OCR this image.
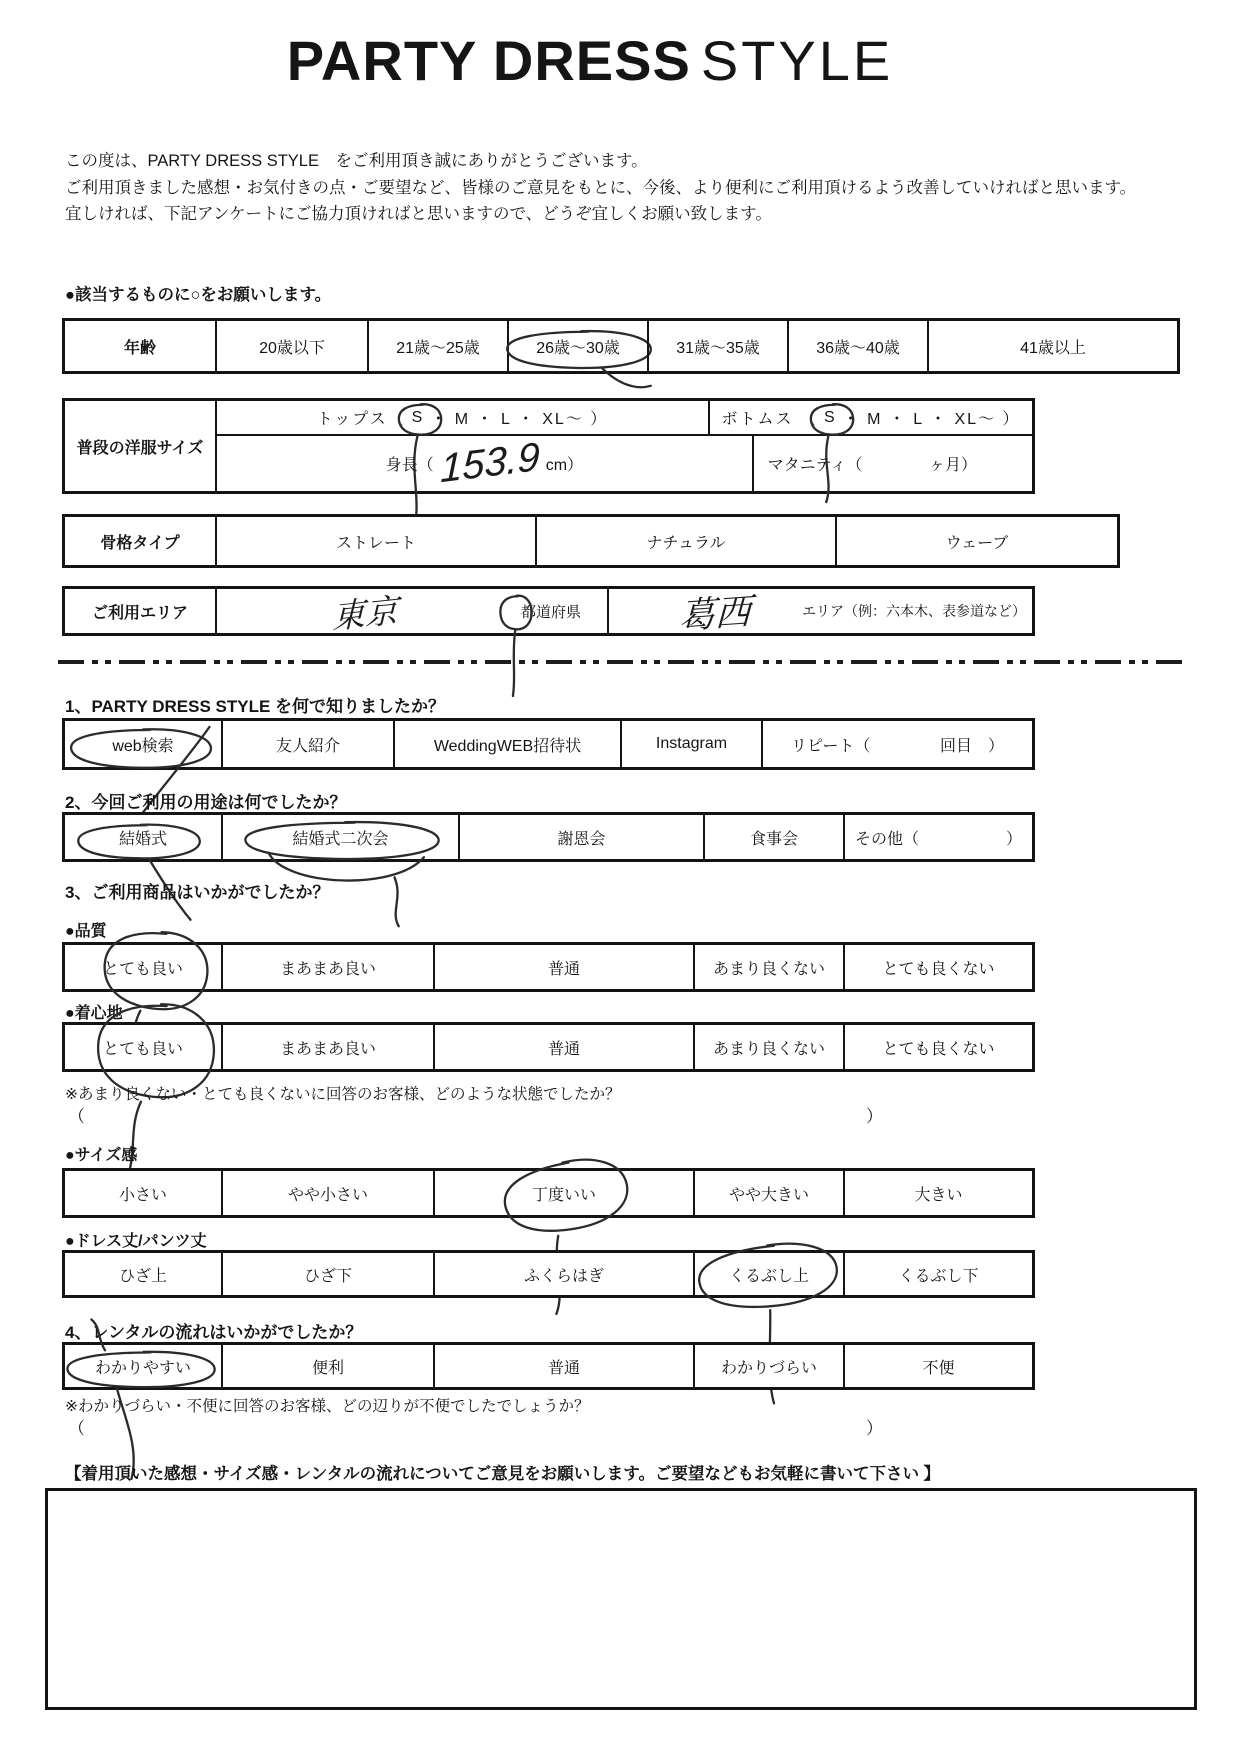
PARTY DRESS STYLE
この度は、PARTY DRESS STYLE　をご利用頂き誠にありがとうございます。
ご利用頂きました感想・お気付きの点・ご要望など、皆様のご意見をもとに、今後、より便利にご利用頂けるよう改善していければと思います。
宜しければ、下記アンケートにご協力頂ければと思いますので、どうぞ宜しくお願い致します。
●該当するものに○をお願いします。
年齢	20歳以下	21歳～25歳	26歳～30歳	31歳～35歳	36歳～40歳	41歳以上
普段の洋服サイズ
トップス（ S ・ M ・ L ・ XL～ ）	ボトムス （ S ・ M ・ L ・ XL～ ）
身長（ 153.9 cm）	マタニティ（	ヶ月）
骨格タイプ	ストレート	ナチュラル	ウェーブ
ご利用エリア	東京	都道府県	葛西	エリア（例：六本木、表参道など）
1、PARTY DRESS STYLE を何で知りましたか？
web検索	友人紹介	WeddingWEB招待状	Instagram	リピート（	回目　）
2、今回ご利用の用途は何でしたか？
結婚式	結婚式二次会	謝恩会	食事会	その他（	）
3、ご利用商品はいかがでしたか？
●品質
とても良い	まあまあ良い	普通	あまり良くない	とても良くない
●着心地
とても良い	まあまあ良い	普通	あまり良くない	とても良くない
※あまり良くない・とても良くないに回答のお客様、どのような状態でしたか？
（	）
●サイズ感
小さい	やや小さい	丁度いい	やや大きい	大きい
●ドレス丈/パンツ丈
ひざ上	ひざ下	ふくらはぎ	くるぶし上	くるぶし下
4、レンタルの流れはいかがでしたか？
わかりやすい	便利	普通	わかりづらい	不便
※わかりづらい・不便に回答のお客様、どの辺りが不便でしたでしょうか？
（	）
【着用頂いた感想・サイズ感・レンタルの流れについてご意見をお願いします。ご要望などもお気軽に書いて下さい 】
